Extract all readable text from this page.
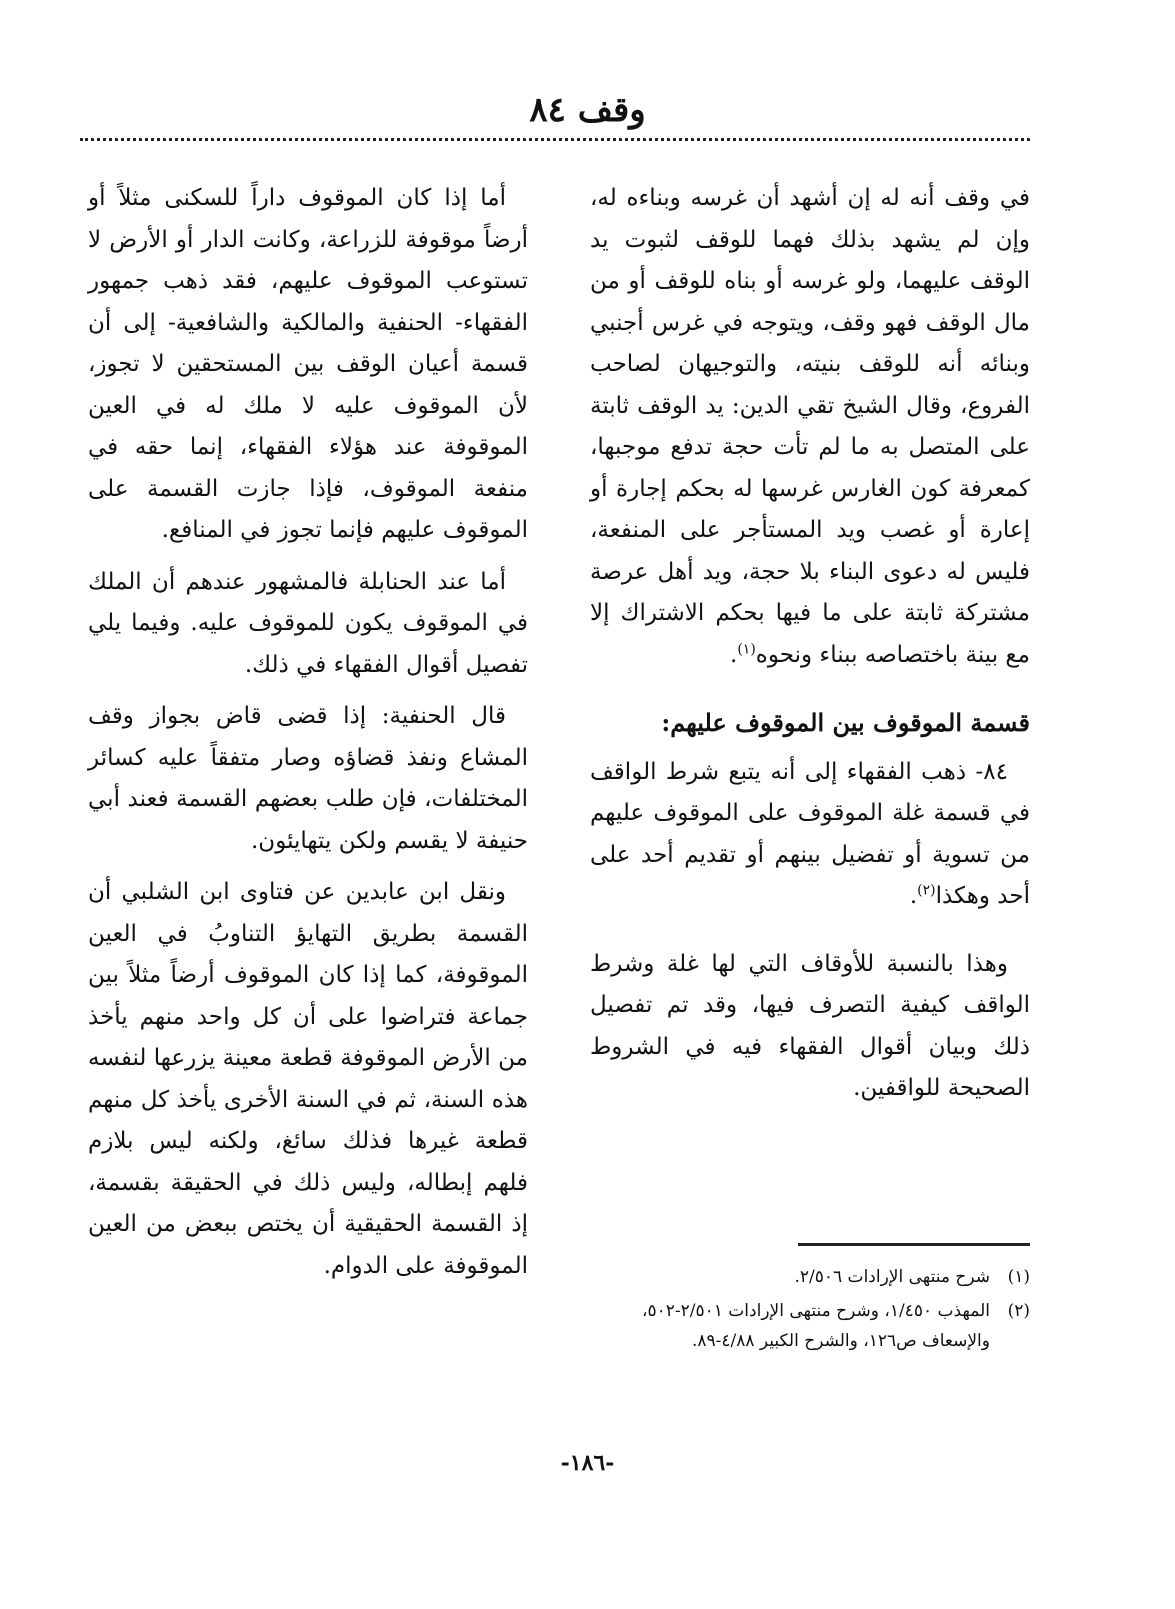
وقف ٨٤

في وقف أنه له إن أشهد أن غرسه وبناءه له، وإن لم يشهد بذلك فهما للوقف لثبوت يد الوقف عليهما، ولو غرسه أو بناه للوقف أو من مال الوقف فهو وقف، ويتوجه في غرس أجنبي وبنائه أنه للوقف بنيته، والتوجيهان لصاحب الفروع، وقال الشيخ تقي الدين: يد الوقف ثابتة على المتصل به ما لم تأت حجة تدفع موجبها، كمعرفة كون الغارس غرسها له بحكم إجارة أو إعارة أو غصب ويد المستأجر على المنفعة، فليس له دعوى البناء بلا حجة، ويد أهل عرصة مشتركة ثابتة على ما فيها بحكم الاشتراك إلا مع بينة باختصاصه ببناء ونحوه$^{(١)}$.

قسمة الموقوف بين الموقوف عليهم:

٨٤- ذهب الفقهاء إلى أنه يتبع شرط الواقف في قسمة غلة الموقوف على الموقوف عليهم من تسوية أو تفضيل بينهم أو تقديم أحد على أحد وهكذا$^{(٢)}$.

وهذا بالنسبة للأوقاف التي لها غلة وشرط الواقف كيفية التصرف فيها، وقد تم تفصيل ذلك وبيان أقوال الفقهاء فيه في الشروط الصحيحة للواقفين.

أما إذا كان الموقوف داراً للسكنى مثلاً أو أرضاً موقوفة للزراعة، وكانت الدار أو الأرض لا تستوعب الموقوف عليهم، فقد ذهب جمهور الفقهاء- الحنفية والمالكية والشافعية- إلى أن قسمة أعيان الوقف بين المستحقين لا تجوز، لأن الموقوف عليه لا ملك له في العين الموقوفة عند هؤلاء الفقهاء، إنما حقه في منفعة الموقوف، فإذا جازت القسمة على الموقوف عليهم فإنما تجوز في المنافع.

أما عند الحنابلة فالمشهور عندهم أن الملك في الموقوف يكون للموقوف عليه. وفيما يلي تفصيل أقوال الفقهاء في ذلك.

قال الحنفية: إذا قضى قاض بجواز وقف المشاع ونفذ قضاؤه وصار متفقاً عليه كسائر المختلفات، فإن طلب بعضهم القسمة فعند أبي حنيفة لا يقسم ولكن يتهايئون.

ونقل ابن عابدين عن فتاوى ابن الشلبي أن القسمة بطريق التهايؤ التناوبُ في العين الموقوفة، كما إذا كان الموقوف أرضاً مثلاً بين جماعة فتراضوا على أن كل واحد منهم يأخذ من الأرض الموقوفة قطعة معينة يزرعها لنفسه هذه السنة، ثم في السنة الأخرى يأخذ كل منهم قطعة غيرها فذلك سائغ، ولكنه ليس بلازم فلهم إبطاله، وليس ذلك في الحقيقة بقسمة، إذ القسمة الحقيقية أن يختص ببعض من العين الموقوفة على الدوام.	(١)
شرح منتهى الإرادات ٢/٥٠٦.
(٢)
المهذب ١/٤٥٠، وشرح منتهى الإرادات ٢/٥٠١-٥٠٢، والإسعاف ص١٢٦، والشرح الكبير ٤/٨٨-٨٩.
-١٨٦-
